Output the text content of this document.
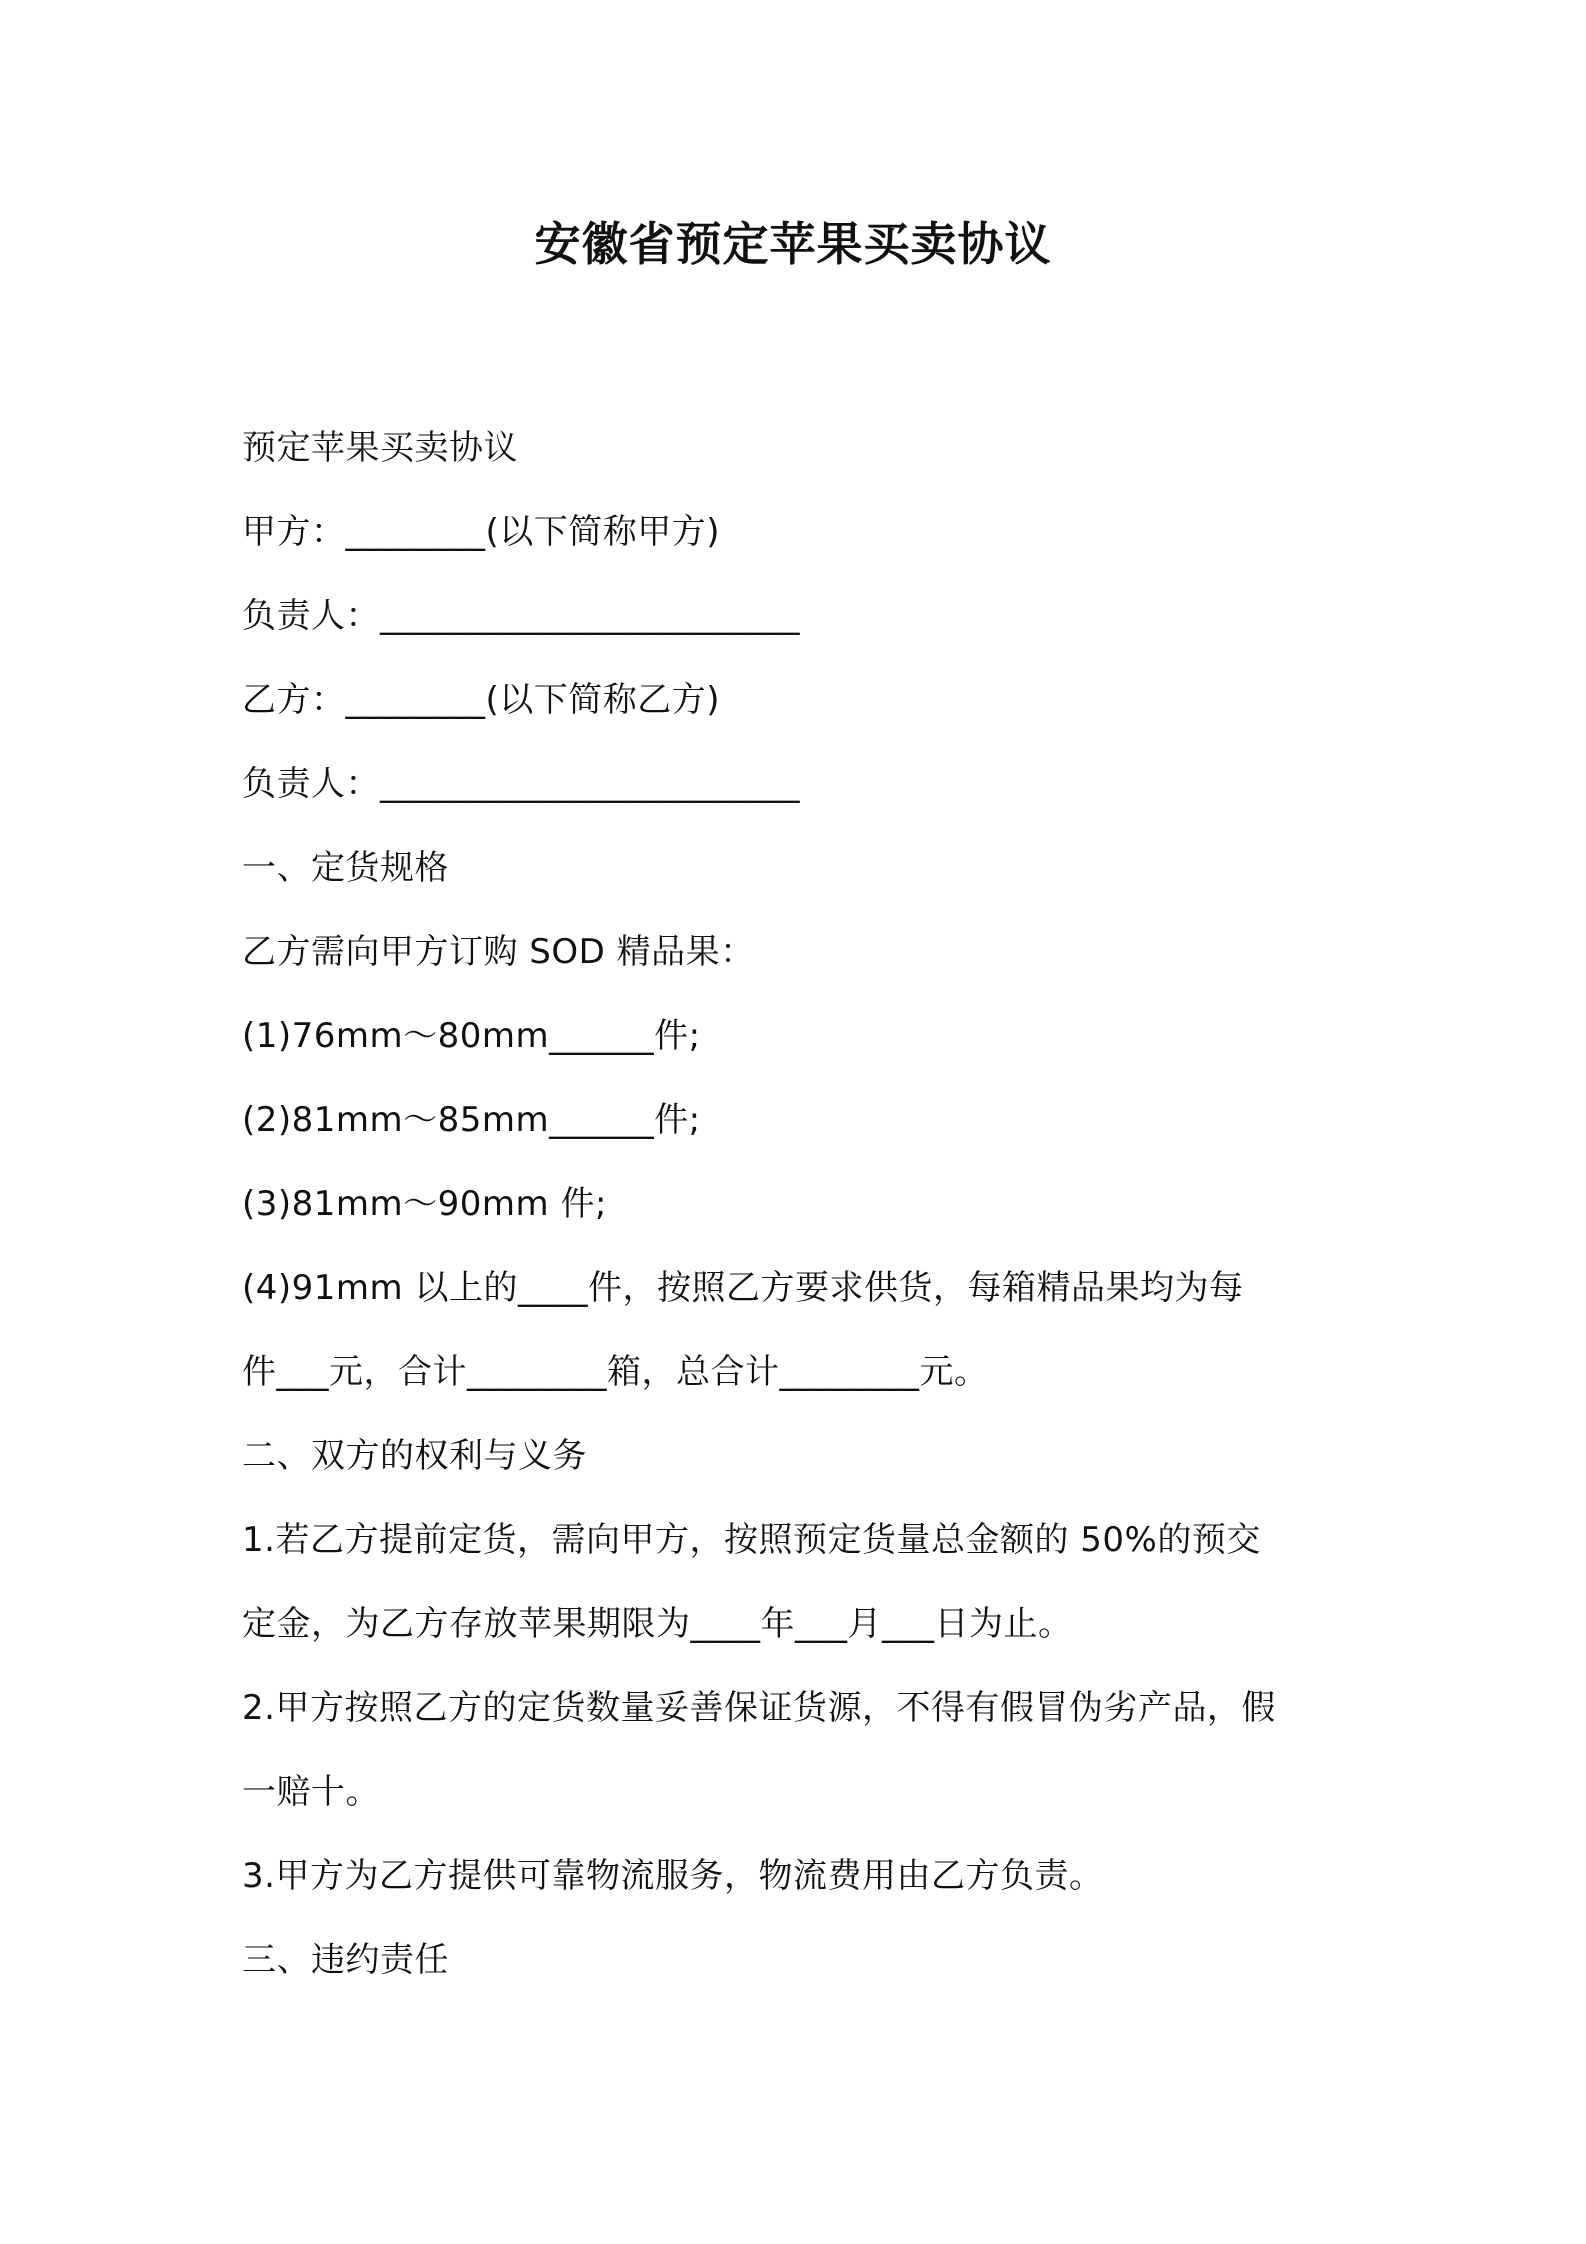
安徽省预定苹果买卖协议
预定苹果买卖协议
甲方：________(以下简称甲方)
负责人：________________________
乙方：________(以下简称乙方)
负责人：________________________
一、定货规格
乙方需向甲方订购 SOD 精品果：
(1)76mm～80mm______件;
(2)81mm～85mm______件;
(3)81mm～90mm 件;
(4)91mm 以上的____件，按照乙方要求供货，每箱精品果均为每
件___元，合计________箱，总合计________元。
二、双方的权利与义务
1.若乙方提前定货，需向甲方，按照预定货量总金额的 50%的预交
定金，为乙方存放苹果期限为____年___月___日为止。
2.甲方按照乙方的定货数量妥善保证货源，不得有假冒伪劣产品，假
一赔十。
3.甲方为乙方提供可靠物流服务，物流费用由乙方负责。
三、违约责任
